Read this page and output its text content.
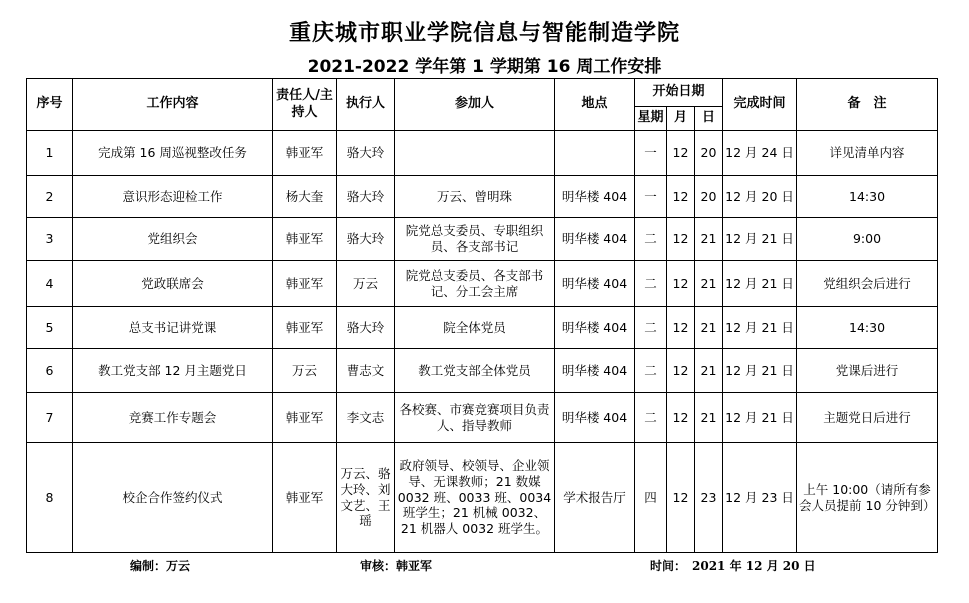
重庆城市职业学院信息与智能制造学院
2021-2022 学年第 1 学期第 16 周工作安排
序号	工作内容	责任人/主持人	执行人	参加人	地点	开始日期			完成时间	备　注
						星期	月	日		
1	完成第 16 周巡视整改任务	韩亚军	骆大玲			一	12	20	12 月 24 日	详见清单内容
2	意识形态迎检工作	杨大奎	骆大玲	万云、曾明珠	明华楼 404	一	12	20	12 月 20 日	14:30
3	党组织会	韩亚军	骆大玲	院党总支委员、专职组织员、各支部书记	明华楼 404	二	12	21	12 月 21 日	9:00
4	党政联席会	韩亚军	万云	院党总支委员、各支部书记、分工会主席	明华楼 404	二	12	21	12 月 21 日	党组织会后进行
5	总支书记讲党课	韩亚军	骆大玲	院全体党员	明华楼 404	二	12	21	12 月 21 日	14:30
6	教工党支部 12 月主题党日	万云	曹志文	教工党支部全体党员	明华楼 404	二	12	21	12 月 21 日	党课后进行
7	竞赛工作专题会	韩亚军	李文志	各校赛、市赛竞赛项目负责人、指导教师	明华楼 404	二	12	21	12 月 21 日	主题党日后进行
8	校企合作签约仪式	韩亚军	万云、骆大玲、刘文艺、王瑶	政府领导、校领导、企业领导、无课教师；21 数媒 0032 班、0033 班、0034 班学生；21 机械 0032、21 机器人 0032 班学生。	学术报告厅	四	12	23	12 月 23 日	上午 10:00（请所有参会人员提前 10 分钟到）
编制：万云	审核：韩亚军	时间：　2021 年 12 月 20 日
